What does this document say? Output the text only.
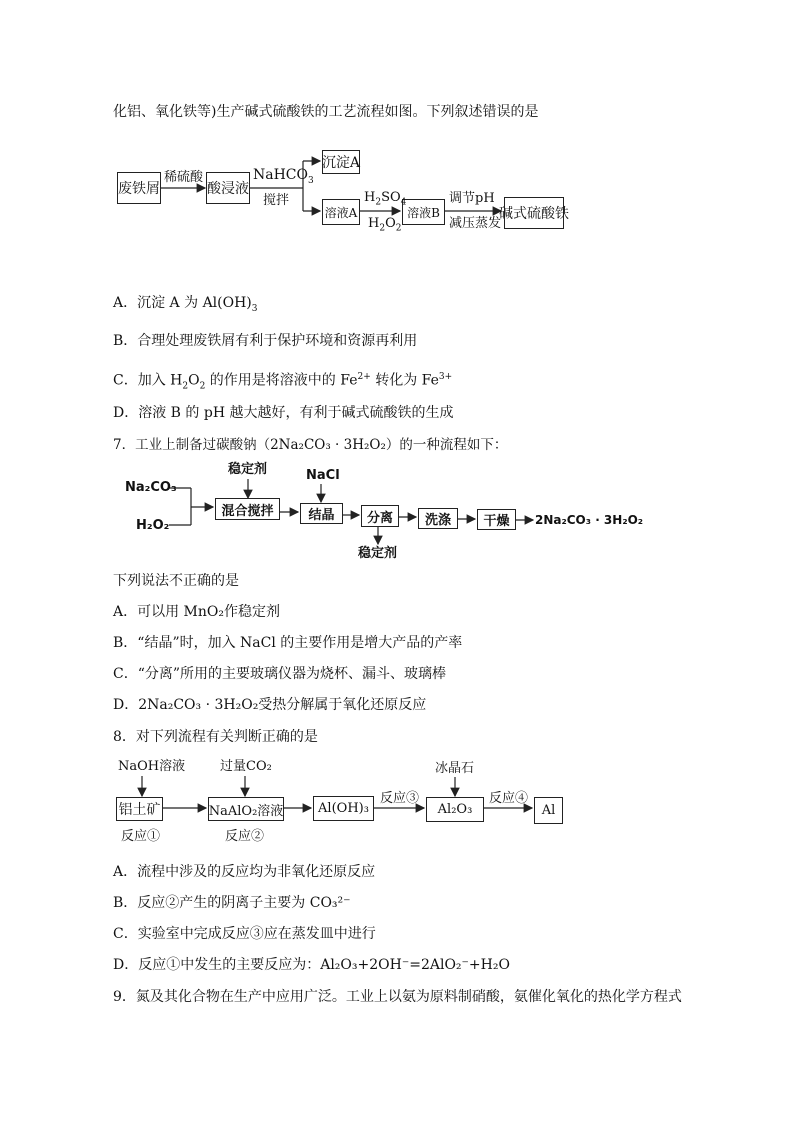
化铝、氧化铁等)生产碱式硫酸铁的工艺流程如图。下列叙述错误的是
废铁屑	酸浸液
沉淀A
溶液A	溶液B	碱式硫酸铁
稀硫酸	NaHCO$_3$
搅拌	$H_2SO_4$
$H_2O_2$
调节pH
减压蒸发
A．沉淀 A 为 $Al(OH)_3$
B．合理处理废铁屑有利于保护环境和资源再利用
C．加入 $H_2O_2$ 的作用是将溶液中的 $Fe^{2+}$ 转化为 $Fe^{3+}$
D．溶液 B 的 pH 越大越好，有利于碱式硫酸铁的生成
7．工业上制备过碳酸钠（2Na₂CO₃ · 3H₂O₂）的一种流程如下：
Na₂CO₃
H₂O₂
稳定剂	NaCl
混合搅拌	结晶	分离	洗涤	干燥
稳定剂
2Na₂CO₃ · 3H₂O₂
下列说法不正确的是
A．可以用 MnO₂作稳定剂
B．“结晶”时，加入 NaCl 的主要作用是增大产品的产率
C．“分离”所用的主要玻璃仪器为烧杯、漏斗、玻璃棒
D．2Na₂CO₃ · 3H₂O₂受热分解属于氧化还原反应
8．对下列流程有关判断正确的是
NaOH溶液	过量CO₂	冰晶石
铝土矿	NaAlO₂溶液	Al(OH)₃	Al₂O₃	Al
反应③	反应④
反应①	反应②
A．流程中涉及的反应均为非氧化还原反应
B．反应②产生的阴离子主要为 CO₃²⁻
C．实验室中完成反应③应在蒸发皿中进行
D．反应①中发生的主要反应为：Al₂O₃+2OH⁻=2AlO₂⁻+H₂O
9．氮及其化合物在生产中应用广泛。工业上以氨为原料制硝酸，氨催化氧化的热化学方程式
